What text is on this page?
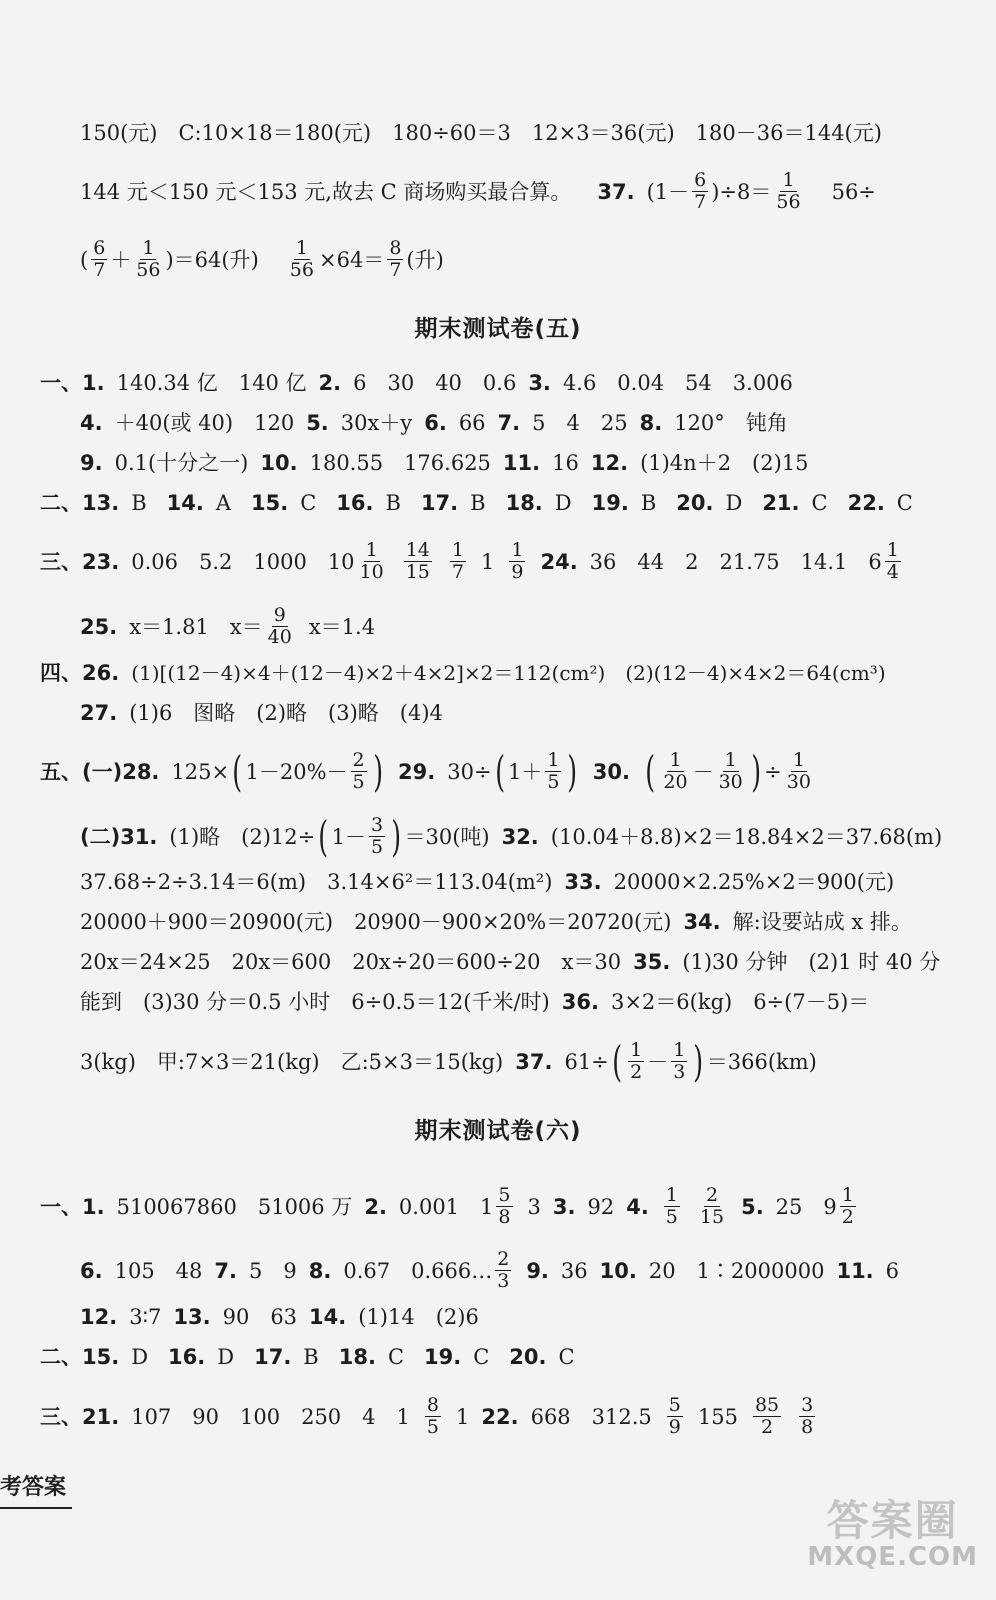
150(元)　C:10×18＝180(元)　180÷60＝3　12×3＝36(元)　180－36＝144(元)
144 元＜150 元＜153 元,故去 C 商场购买最合算。 37. $(1- \frac{6}{7} )\div 8= \frac{1}{56} 56\div$
( $\frac{6}{7} + \frac{1}{56} )=64$(升) $\frac{1}{56} \times 64= \frac{8}{7}$ (升)
期末测试卷(五)
一、 1. 140.34 亿　140 亿 2. 6　30　40　0.6 3. 4.6　0.04　54　3.006
4. ＋40(或 40)　120 5. 30x＋y 6. 66 7. 5　4　25 8. 120°　钝角
9. 0.1(十分之一) 10. 180.55　176.625 11. 16 12. (1)4n＋2　(2)15
二、 13. B 14. A 15. C 16. B 17. B 18. D 19. B 20. D 21. C 22. C
三、 23. 0.06　5.2　1000　$10 \frac{1}{10} \frac{14}{15} \frac{1}{7} 1 \frac{1}{9} 24$. 36　44　2　21.75　14.1　$6 \frac{1}{4}$
25. x＝1.81　$x= \frac{9}{40} x=1.4$
四、 26. (1)[(12－4)×4＋(12－4)×2＋4×2]×2＝112(cm²)　(2)(12－4)×4×2＝64(cm³)
27. (1)6　图略　(2)略　(3)略　(4)4
五、(一) 28. 125× ( $1-20\%- \frac{2}{5}$ ) 29. 30÷ ( $1+ \frac{1}{5}$ ) 30. ( $\frac{1}{20} - \frac{1}{30}$ ) ÷ $\frac{1}{30}$
(二) 31. (1)略　(2)12÷ ( $1- \frac{3}{5}$ ) ＝30(吨) 32. (10.04＋8.8)×2＝18.84×2＝37.68(m)
37.68÷2÷3.14＝6(m)　3.14×6²＝113.04(m²) 33. 20000×2.25%×2＝900(元)
20000＋900＝20900(元)　20900－900×20%＝20720(元) 34. 解:设要站成 x 排。
20x＝24×25　20x＝600　20x÷20＝600÷20　x＝30 35. (1)30 分钟　(2)1 时 40 分
能到　(3)30 分＝0.5 小时　6÷0.5＝12(千米/时) 36. 3×2＝6(kg)　6÷(7－5)＝
3(kg)　甲:7×3＝21(kg)　乙:5×3＝15(kg) 37. 61÷ ( $\frac{1}{2} - \frac{1}{3}$ ) ＝366(km)
期末测试卷(六)
一、 1. 510067860　51006 万 2. 0.001　$1 \frac{5}{8} 3$ 3. 92 4. $\frac{1}{5} \frac{2}{15} 5$. 25　$9 \frac{1}{2}$
6. 105　48 7. 5　9 8. 0.67　0.666… $\frac{2}{3} 9$. 36 10. 20　1∶2000000 11. 6
12. 3∶7 13. 90　63 14. (1)14　(2)6
二、 15. D 16. D 17. B 18. C 19. C 20. C
三、 21. 107　90　100　250　4　$1 \frac{8}{5} 1$ 22. 668　$312.5 \frac{5}{9} 155 \frac{85}{2} \frac{3}{8}$
考答案
答案圈
MXQE.COM
